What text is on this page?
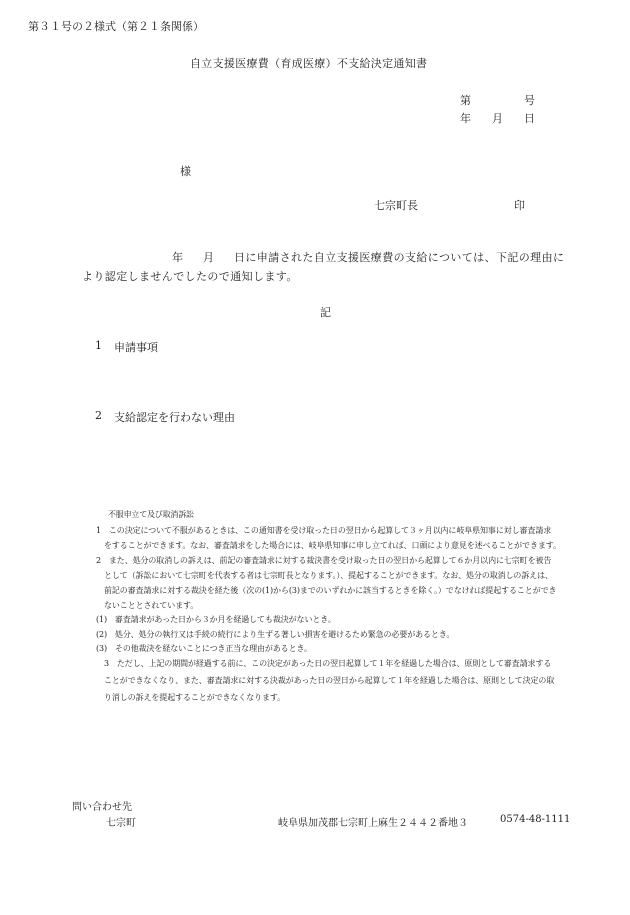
第３１号の２様式（第２１条関係）
自立支援医療費（育成医療）不支給決定通知書
第	号
年 月 日
様
七宗町長	印
年 月 日に申請された自立支援医療費の支給については、下記の理由に
より認定しませんでしたので通知します。
記
1 申請事項
2 支給認定を行わない理由
不服申立て及び取消訴訟
1　この決定について不服があるときは、この通知書を受け取った日の翌日から起算して３ヶ月以内に岐阜県知事に対し審査請求
をすることができます。なお、審査請求をした場合には、岐阜県知事に申し立てれば、口頭により意見を述べることができます。
2　また、処分の取消しの訴えは、前記の審査請求に対する裁決書を受け取った日の翌日から起算して６か月以内に七宗町を被告
として（訴訟において七宗町を代表する者は七宗町長となります。）、提起することができます。なお、処分の取消しの訴えは、
前記の審査請求に対する裁決を経た後（次の(1)から(3)までのいずれかに該当するときを除く。）でなければ提起することができ
ないこととされています。
(1)　審査請求があった日から３か月を経過しても裁決がないとき。
(2)　処分、処分の執行又は手続の続行により生ずる著しい損害を避けるため緊急の必要があるとき。
(3)　その他裁決を経ないことにつき正当な理由があるとき。
3　ただし、上記の期間が経過する前に、この決定があった日の翌日起算して１年を経過した場合は、原則として審査請求する
ことができなくなり、また、審査請求に対する決裁があった日の翌日から起算して１年を経過した場合は、原則として決定の取
り消しの訴えを提起することができなくなります。
問い合わせ先
七宗町	岐阜県加茂郡七宗町上麻生２４４２番地３	0574-48-1111
